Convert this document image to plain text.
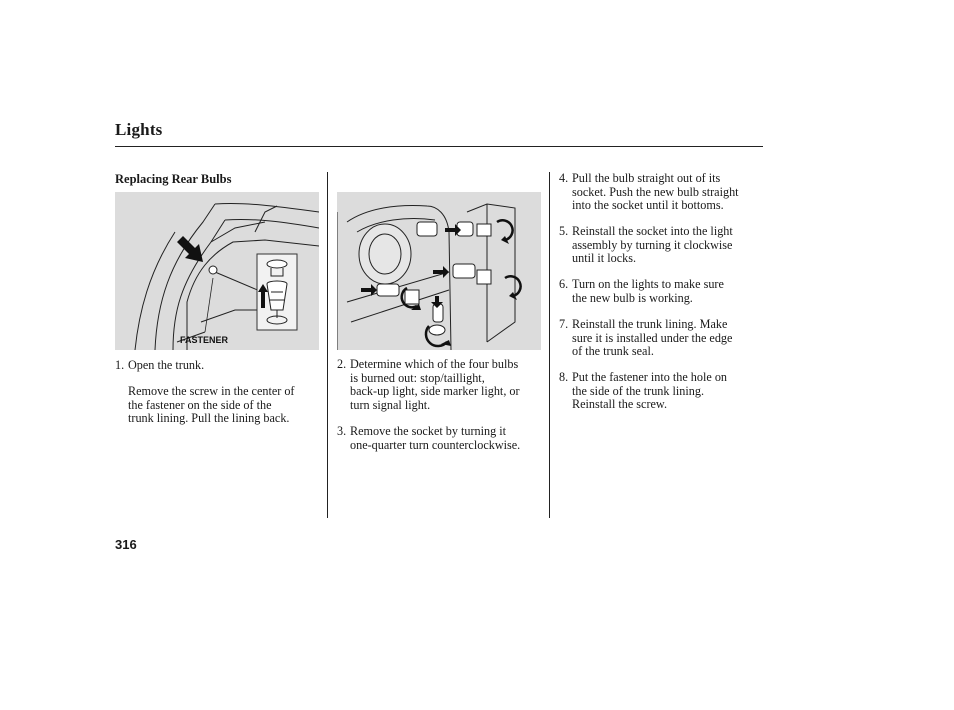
Lights
Replacing Rear Bulbs
FASTENER
1. Open the trunk.
Remove the screw in the center of
the fastener on the side of the
trunk lining. Pull the lining back.
2. Determine which of the four bulbs
is burned out: stop/taillight,
back-up light, side marker light, or
turn signal light.
3. Remove the socket by turning it
one-quarter turn counterclockwise.
4. Pull the bulb straight out of its
socket. Push the new bulb straight
into the socket until it bottoms.
5. Reinstall the socket into the light
assembly by turning it clockwise
until it locks.
6. Turn on the lights to make sure
the new bulb is working.
7. Reinstall the trunk lining. Make
sure it is installed under the edge
of the trunk seal.
8. Put the fastener into the hole on
the side of the trunk lining.
Reinstall the screw.
316
